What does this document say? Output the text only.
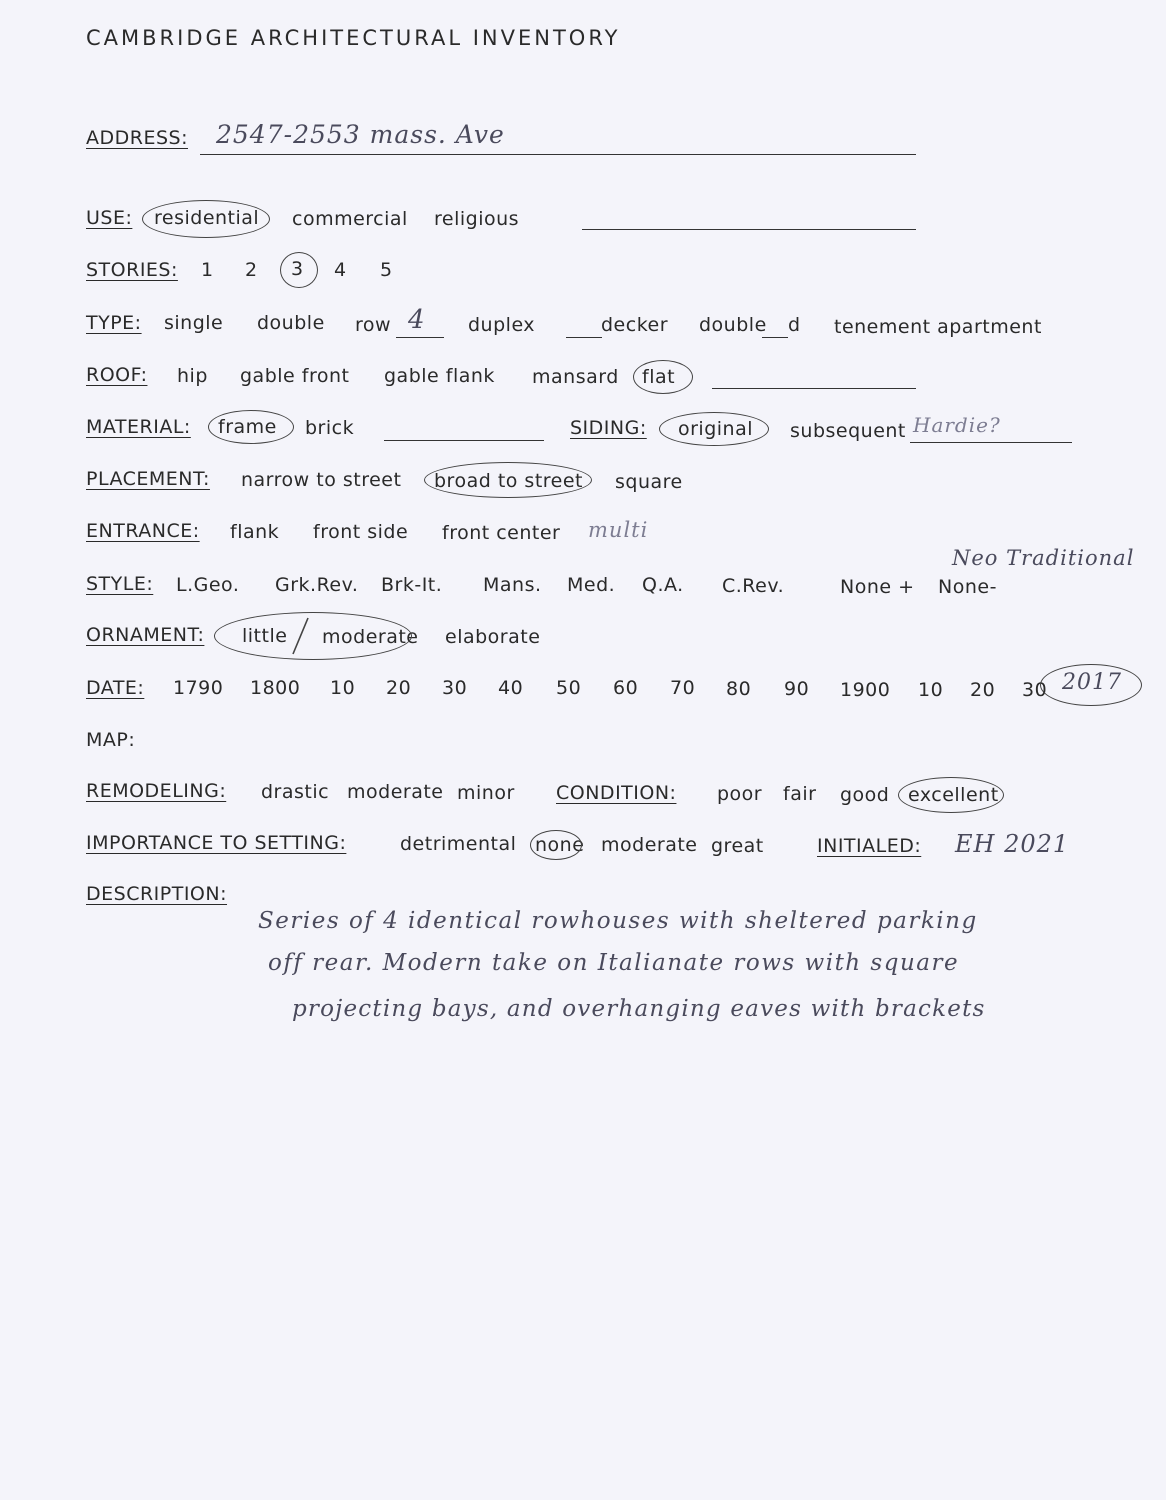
CAMBRIDGE ARCHITECTURAL INVENTORY
ADDRESS: 2547-2553 mass. Ave
USE: residential commercial religious
STORIES: 1 2 3 4 5
TYPE: single double row 4 duplex	decker double d tenement apartment
ROOF: hip gable front gable flank mansard flat
MATERIAL: frame brick	SIDING: original subsequent Hardie?
PLACEMENT: narrow to street broad to street square
ENTRANCE: flank front side front center multi
Neo Traditional
STYLE: L.Geo. Grk.Rev. Brk-It. Mans. Med. Q.A. C.Rev.	None + None-
ORNAMENT: little moderate elaborate
DATE: 1790 1800 10 20 30 40 50 60 70 80 90 1900 10 20 30 2017
MAP:
REMODELING: drastic moderate minor CONDITION: poor fair good excellent
IMPORTANCE TO SETTING:	detrimental none moderate great	INITIALED: EH 2021
DESCRIPTION:
Series of 4 identical rowhouses with sheltered parking
off rear. Modern take on Italianate rows with square
projecting bays, and overhanging eaves with brackets
